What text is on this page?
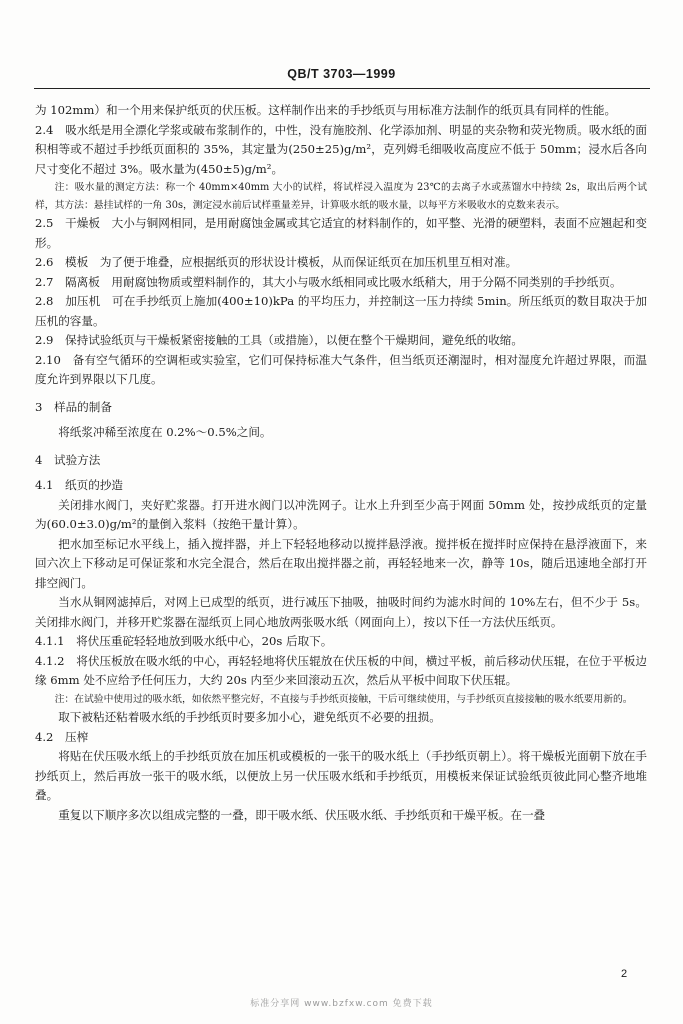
QB/T 3703—1999

为 102mm）和一个用来保护纸页的伏压板。这样制作出来的手抄纸页与用标准方法制作的纸页具有同样的性能。

2.4　吸水纸是用全漂化学浆或破布浆制作的，中性，没有施胶剂、化学添加剂、明显的夹杂物和荧光物质。吸水纸的面积相等或不超过手抄纸页面积的 35%，其定量为(250±25)g/m²，克列姆毛细吸收高度应不低于 50mm；浸水后各向尺寸变化不超过 3%。吸水量为(450±5)g/m²。

注：吸水量的测定方法：称一个 40mm×40mm 大小的试样，将试样浸入温度为 23℃的去离子水或蒸馏水中持续 2s，取出后两个试样，其方法：悬挂试样的一角 30s，测定浸水前后试样重量差异，计算吸水纸的吸水量，以每平方米吸收水的克数来表示。

2.5　干燥板　大小与铜网相同，是用耐腐蚀金属或其它适宜的材料制作的，如平整、光滑的硬塑料，表面不应翘起和变形。

2.6　模板　为了便于堆叠，应根据纸页的形状设计模板，从而保证纸页在加压机里互相对准。

2.7　隔离板　用耐腐蚀物质或塑料制作的，其大小与吸水纸相同或比吸水纸稍大，用于分隔不同类别的手抄纸页。

2.8　加压机　可在手抄纸页上施加(400±10)kPa 的平均压力，并控制这一压力持续 5min。所压纸页的数目取决于加压机的容量。

2.9　保持试验纸页与干燥板紧密接触的工具（或措施），以便在整个干燥期间，避免纸的收缩。

2.10　备有空气循环的空调柜或实验室，它们可保持标准大气条件，但当纸页还潮湿时，相对湿度允许超过界限，而温度允许到界限以下几度。

3　样品的制备

将纸浆冲稀至浓度在 0.2%～0.5%之间。

4　试验方法

4.1　纸页的抄造

关闭排水阀门，夹好贮浆器。打开进水阀门以冲洗网子。让水上升到至少高于网面 50mm 处，按抄成纸页的定量为(60.0±3.0)g/m²的量倒入浆料（按绝干量计算）。

把水加至标记水平线上，插入搅拌器，并上下轻轻地移动以搅拌悬浮液。搅拌板在搅拌时应保持在悬浮液面下，来回六次上下移动足可保证浆和水完全混合，然后在取出搅拌器之前，再轻轻地来一次，静等 10s，随后迅速地全部打开排空阀门。

当水从铜网滤掉后，对网上已成型的纸页，进行减压下抽吸，抽吸时间约为滤水时间的 10%左右，但不少于 5s。关闭排水阀门，并移开贮浆器在湿纸页上同心地放两张吸水纸（网面向上），按以下任一方法伏压纸页。

4.1.1　将伏压重砣轻轻地放到吸水纸中心，20s 后取下。

4.1.2　将伏压板放在吸水纸的中心，再轻轻地将伏压辊放在伏压板的中间，横过平板，前后移动伏压辊，在位于平板边缘 6mm 处不应给予任何压力，大约 20s 内至少来回滚动五次，然后从平板中间取下伏压辊。

注：在试验中使用过的吸水纸，如依然平整完好，不直接与手抄纸页接触，干后可继续使用，与手抄纸页直接接触的吸水纸要用新的。

取下被粘还粘着吸水纸的手抄纸页时要多加小心，避免纸页不必要的扭损。

4.2　压榨

将贴在伏压吸水纸上的手抄纸页放在加压机或模板的一张干的吸水纸上（手抄纸页朝上）。将干燥板光面朝下放在手抄纸页上，然后再放一张干的吸水纸，以便放上另一伏压吸水纸和手抄纸页，用模板来保证试验纸页彼此同心整齐地堆叠。

重复以下顺序多次以组成完整的一叠，即干吸水纸、伏压吸水纸、手抄纸页和干燥平板。在一叠

2
标准分享网 www.bzfxw.com 免费下载
